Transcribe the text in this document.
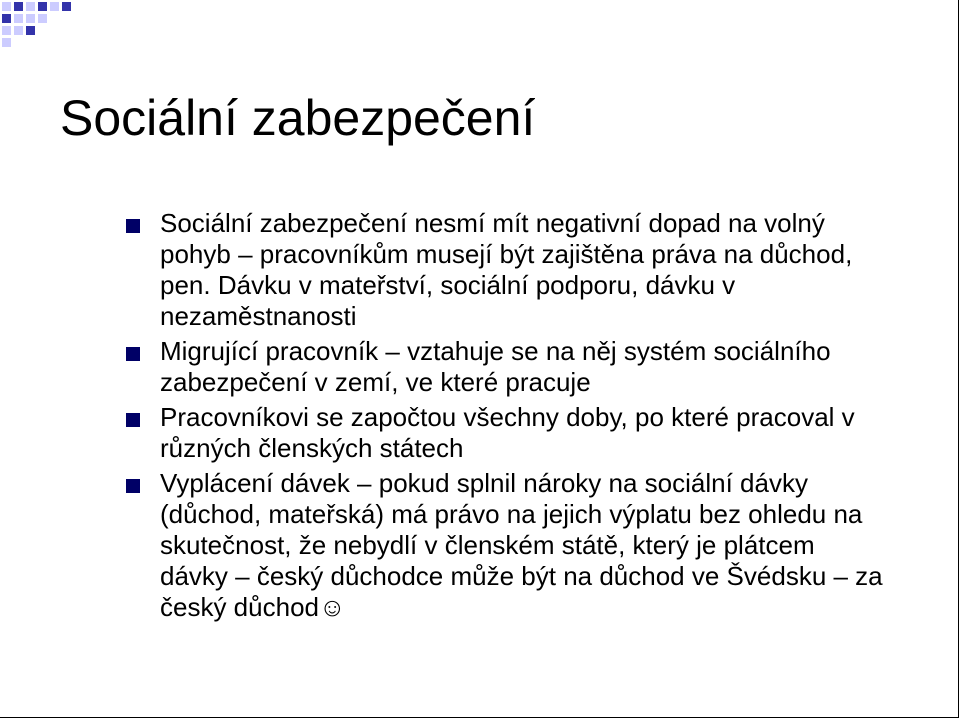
Sociální zabezpečení
Sociální zabezpečení nesmí mít negativní dopad na volný pohyb – pracovníkům musejí být zajištěna práva na důchod, pen. Dávku v mateřství, sociální podporu, dávku v nezaměstnanosti
Migrující pracovník – vztahuje se na něj systém sociálního zabezpečení v zemí, ve které pracuje
Pracovníkovi se započtou všechny doby, po které pracoval v různých členských státech
Vyplácení dávek – pokud splnil nároky na sociální dávky (důchod, mateřská) má právo na jejich výplatu bez ohledu na skutečnost, že nebydlí v členském státě, který je plátcem dávky – český důchodce může být na důchod ve Švédsku – za český důchod☺
